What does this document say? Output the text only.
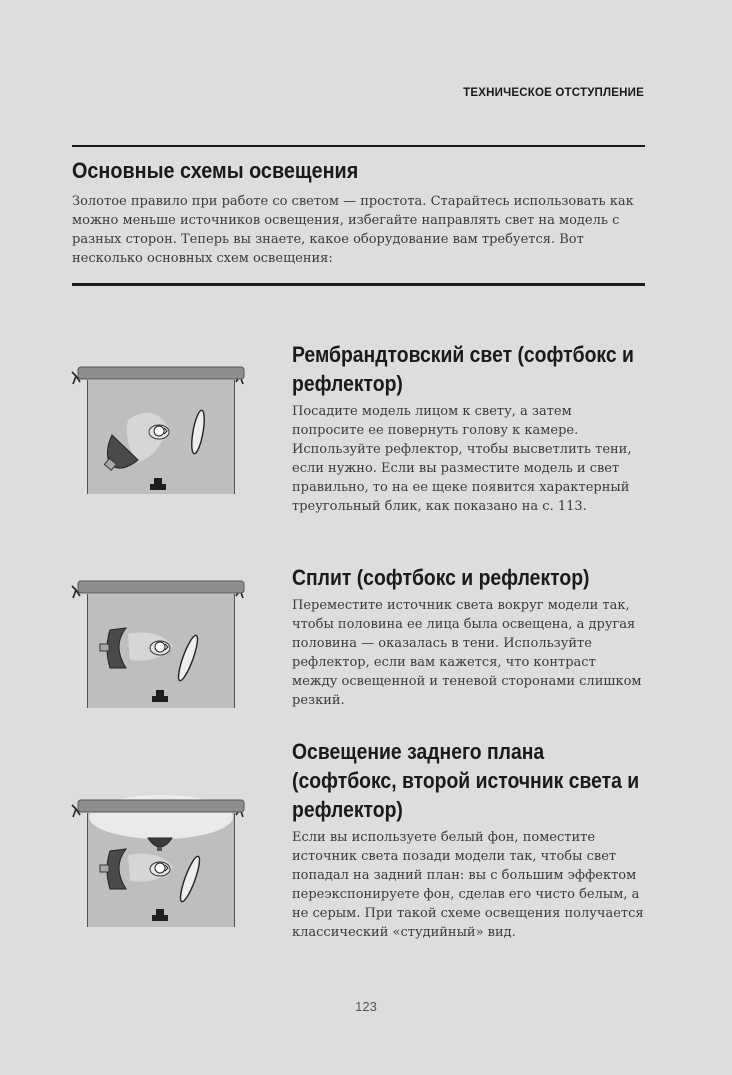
ТЕХНИЧЕСКОЕ ОТСТУПЛЕНИЕ
Основные схемы освещения

Золотое правило при работе со светом — простота. Старайтесь использовать как можно меньше источников освещения, избегайте направлять свет на модель с разных сторон. Теперь вы знаете, какое оборудование вам требуется. Вот несколько основных схем освещения:

Рембрандтовский свет (софтбокс и рефлектор)

Посадите модель лицом к свету, а затем попросите ее повернуть голову к камере. Используйте рефлектор, чтобы высветлить тени, если нужно. Если вы разместите модель и свет правильно, то на ее щеке появится характерный треугольный блик, как показано на с. 113.

Сплит (софтбокс и рефлектор)

Переместите источник света вокруг модели так, чтобы половина ее лица была освещена, а другая половина — оказалась в тени. Используйте рефлектор, если вам кажется, что контраст между освещенной и теневой сторонами слишком резкий.

Освещение заднего плана (софтбокс, второй источник света и рефлектор)

Если вы используете белый фон, поместите источник света позади модели так, чтобы свет попадал на задний план: вы с большим эффектом переэкспонируете фон, сделав его чисто белым, а не серым. При такой схеме освещения получается классический «студийный» вид.

123
